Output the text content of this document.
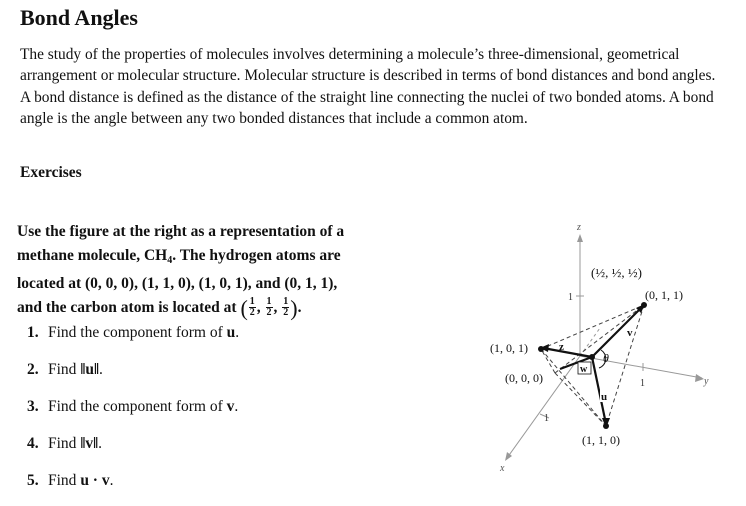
Bond Angles

The study of the properties of molecules involves determining a molecule’s three-dimensional, geometrical arrangement or molecular structure. Molecular structure is described in terms of bond distances and bond angles. A bond distance is defined as the distance of the straight line connecting the nuclei of two bonded atoms. A bond angle is the angle between any two bonded distances that include a common atom.

Exercises
Use the figure at the right as a representation of a
methane molecule, $CH_4$. The hydrogen atoms are
located at (0, 0, 0), (1, 1, 0), (1, 0, 1), and (0, 1, 1),
and the carbon atom is located at ( $\frac{1}{2}$ , $\frac{1}{2}$ , $\frac{1}{2}$ ).
1. Find the component form of u.
2. Find ‖u‖.
3. Find the component form of v.
4. Find ‖v‖.
5. Find u · v.
z
x
y
1
1
1
(1, 0, 1)
(0, 0, 0)
(0, 1, 1)
(1, 1, 0)
(½, ½, ½)
z
w
u
v
θ
